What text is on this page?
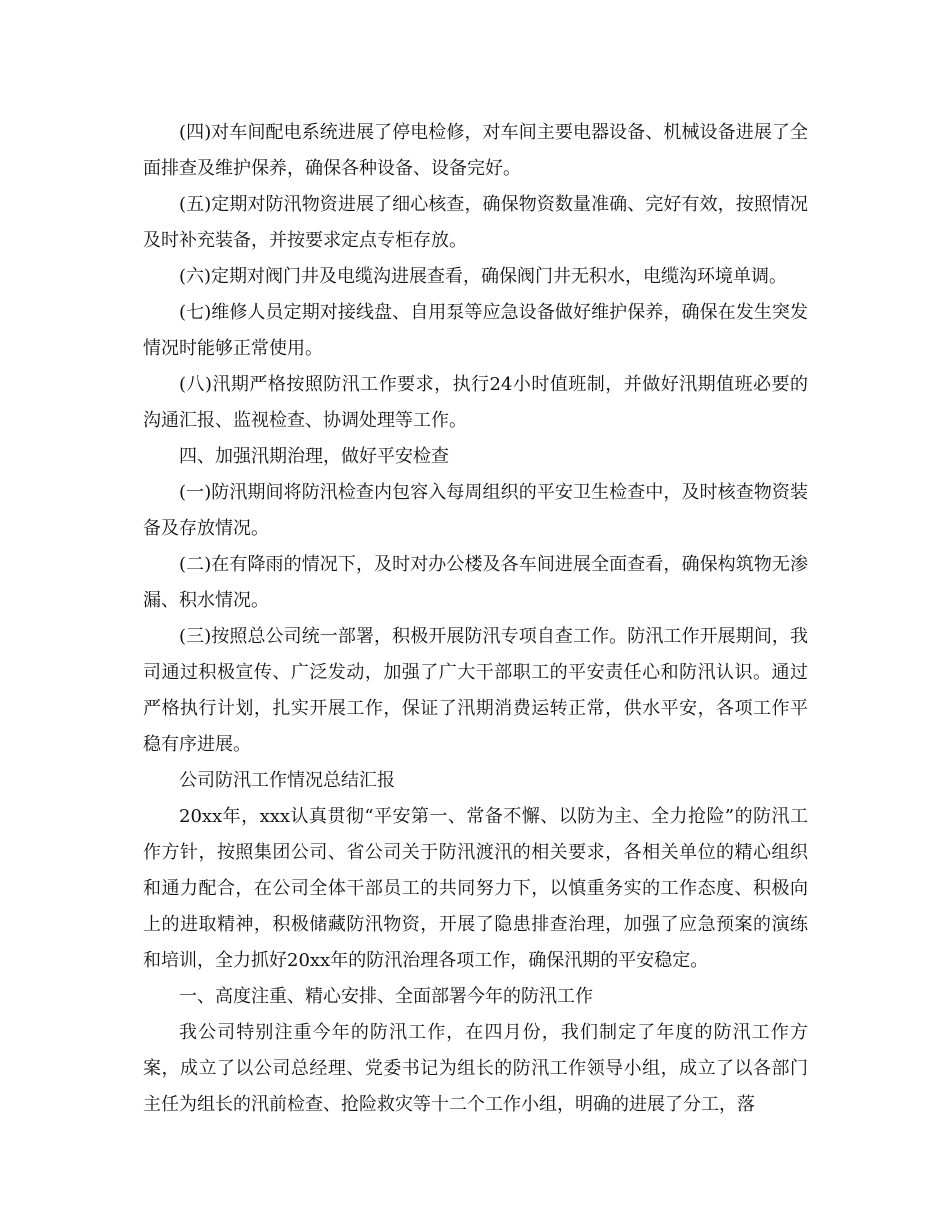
(四)对车间配电系统进展了停电检修，对车间主要电器设备、机械设备进展了全面排查及维护保养，确保各种设备、设备完好。

(五)定期对防汛物资进展了细心核查，确保物资数量准确、完好有效，按照情况及时补充装备，并按要求定点专柜存放。

(六)定期对阀门井及电缆沟进展查看，确保阀门井无积水，电缆沟环境单调。

(七)维修人员定期对接线盘、自用泵等应急设备做好维护保养，确保在发生突发情况时能够正常使用。

(八)汛期严格按照防汛工作要求，执行24小时值班制，并做好汛期值班必要的沟通汇报、监视检查、协调处理等工作。

四、加强汛期治理，做好平安检查

(一)防汛期间将防汛检查内包容入每周组织的平安卫生检查中，及时核查物资装备及存放情况。

(二)在有降雨的情况下，及时对办公楼及各车间进展全面查看，确保构筑物无渗漏、积水情况。

(三)按照总公司统一部署，积极开展防汛专项自查工作。防汛工作开展期间，我司通过积极宣传、广泛发动，加强了广大干部职工的平安责任心和防汛认识。通过严格执行计划，扎实开展工作，保证了汛期消费运转正常，供水平安，各项工作平稳有序进展。

公司防汛工作情况总结汇报

20xx年，xxx认真贯彻“平安第一、常备不懈、以防为主、全力抢险”的防汛工作方针，按照集团公司、省公司关于防汛渡汛的相关要求，各相关单位的精心组织和通力配合，在公司全体干部员工的共同努力下，以慎重务实的工作态度、积极向上的进取精神，积极储藏防汛物资，开展了隐患排查治理，加强了应急预案的演练和培训，全力抓好20xx年的防汛治理各项工作，确保汛期的平安稳定。

一、高度注重、精心安排、全面部署今年的防汛工作

我公司特别注重今年的防汛工作，在四月份，我们制定了年度的防汛工作方案，成立了以公司总经理、党委书记为组长的防汛工作领导小组，成立了以各部门主任为组长的汛前检查、抢险救灾等十二个工作小组，明确的进展了分工，落
